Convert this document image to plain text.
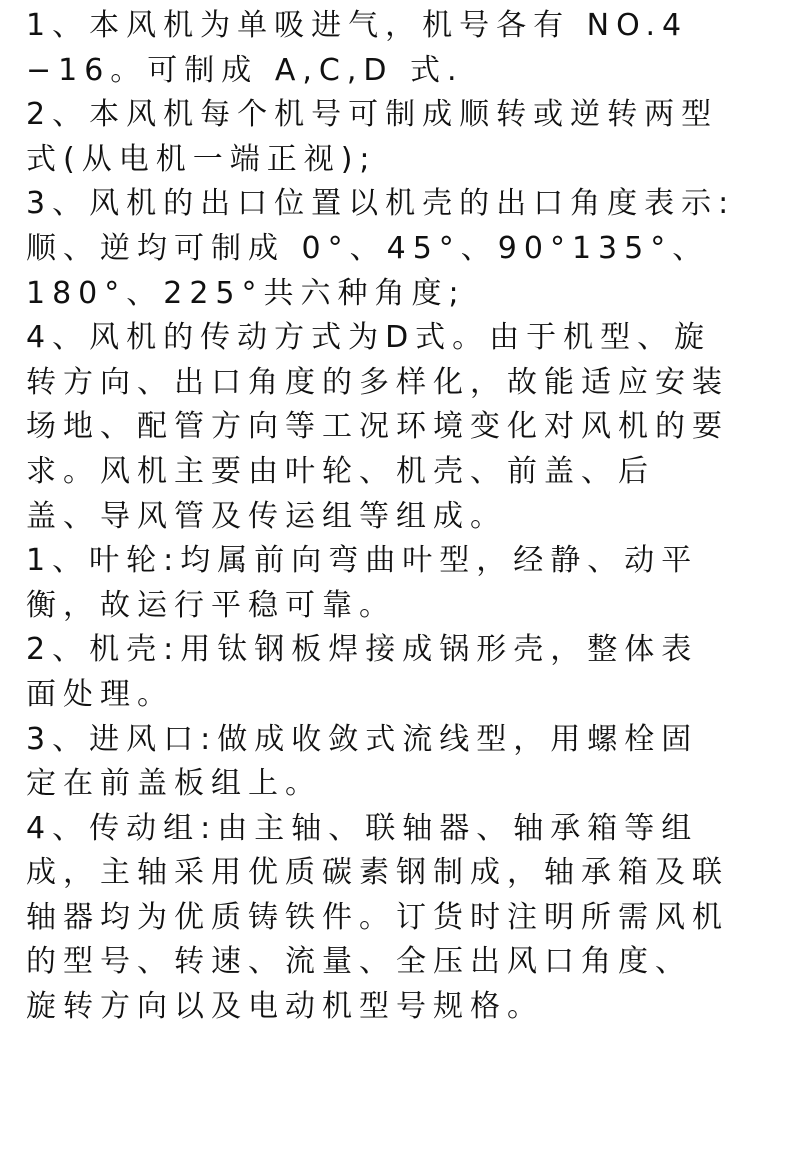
1、本风机为单吸进气，机号各有 NO.4
−16。可制成 A,C,D 式.
2、本风机每个机号可制成顺转或逆转两型
式(从电机一端正视);
3、风机的出口位置以机壳的出口角度表示:
顺、逆均可制成 0°、45°、90°135°、
180°、225°共六种角度;
4、风机的传动方式为D式。由于机型、旋
转方向、出口角度的多样化，故能适应安装
场地、配管方向等工况环境变化对风机的要
求。风机主要由叶轮、机壳、前盖、后
盖、导风管及传运组等组成。
1、叶轮:均属前向弯曲叶型，经静、动平
衡，故运行平稳可靠。
2、机壳:用钛钢板焊接成锅形壳，整体表
面处理。
3、进风口:做成收敛式流线型，用螺栓固
定在前盖板组上。
4、传动组:由主轴、联轴器、轴承箱等组
成，主轴采用优质碳素钢制成，轴承箱及联
轴器均为优质铸铁件。订货时注明所需风机
的型号、转速、流量、全压出风口角度、
旋转方向以及电动机型号规格。
